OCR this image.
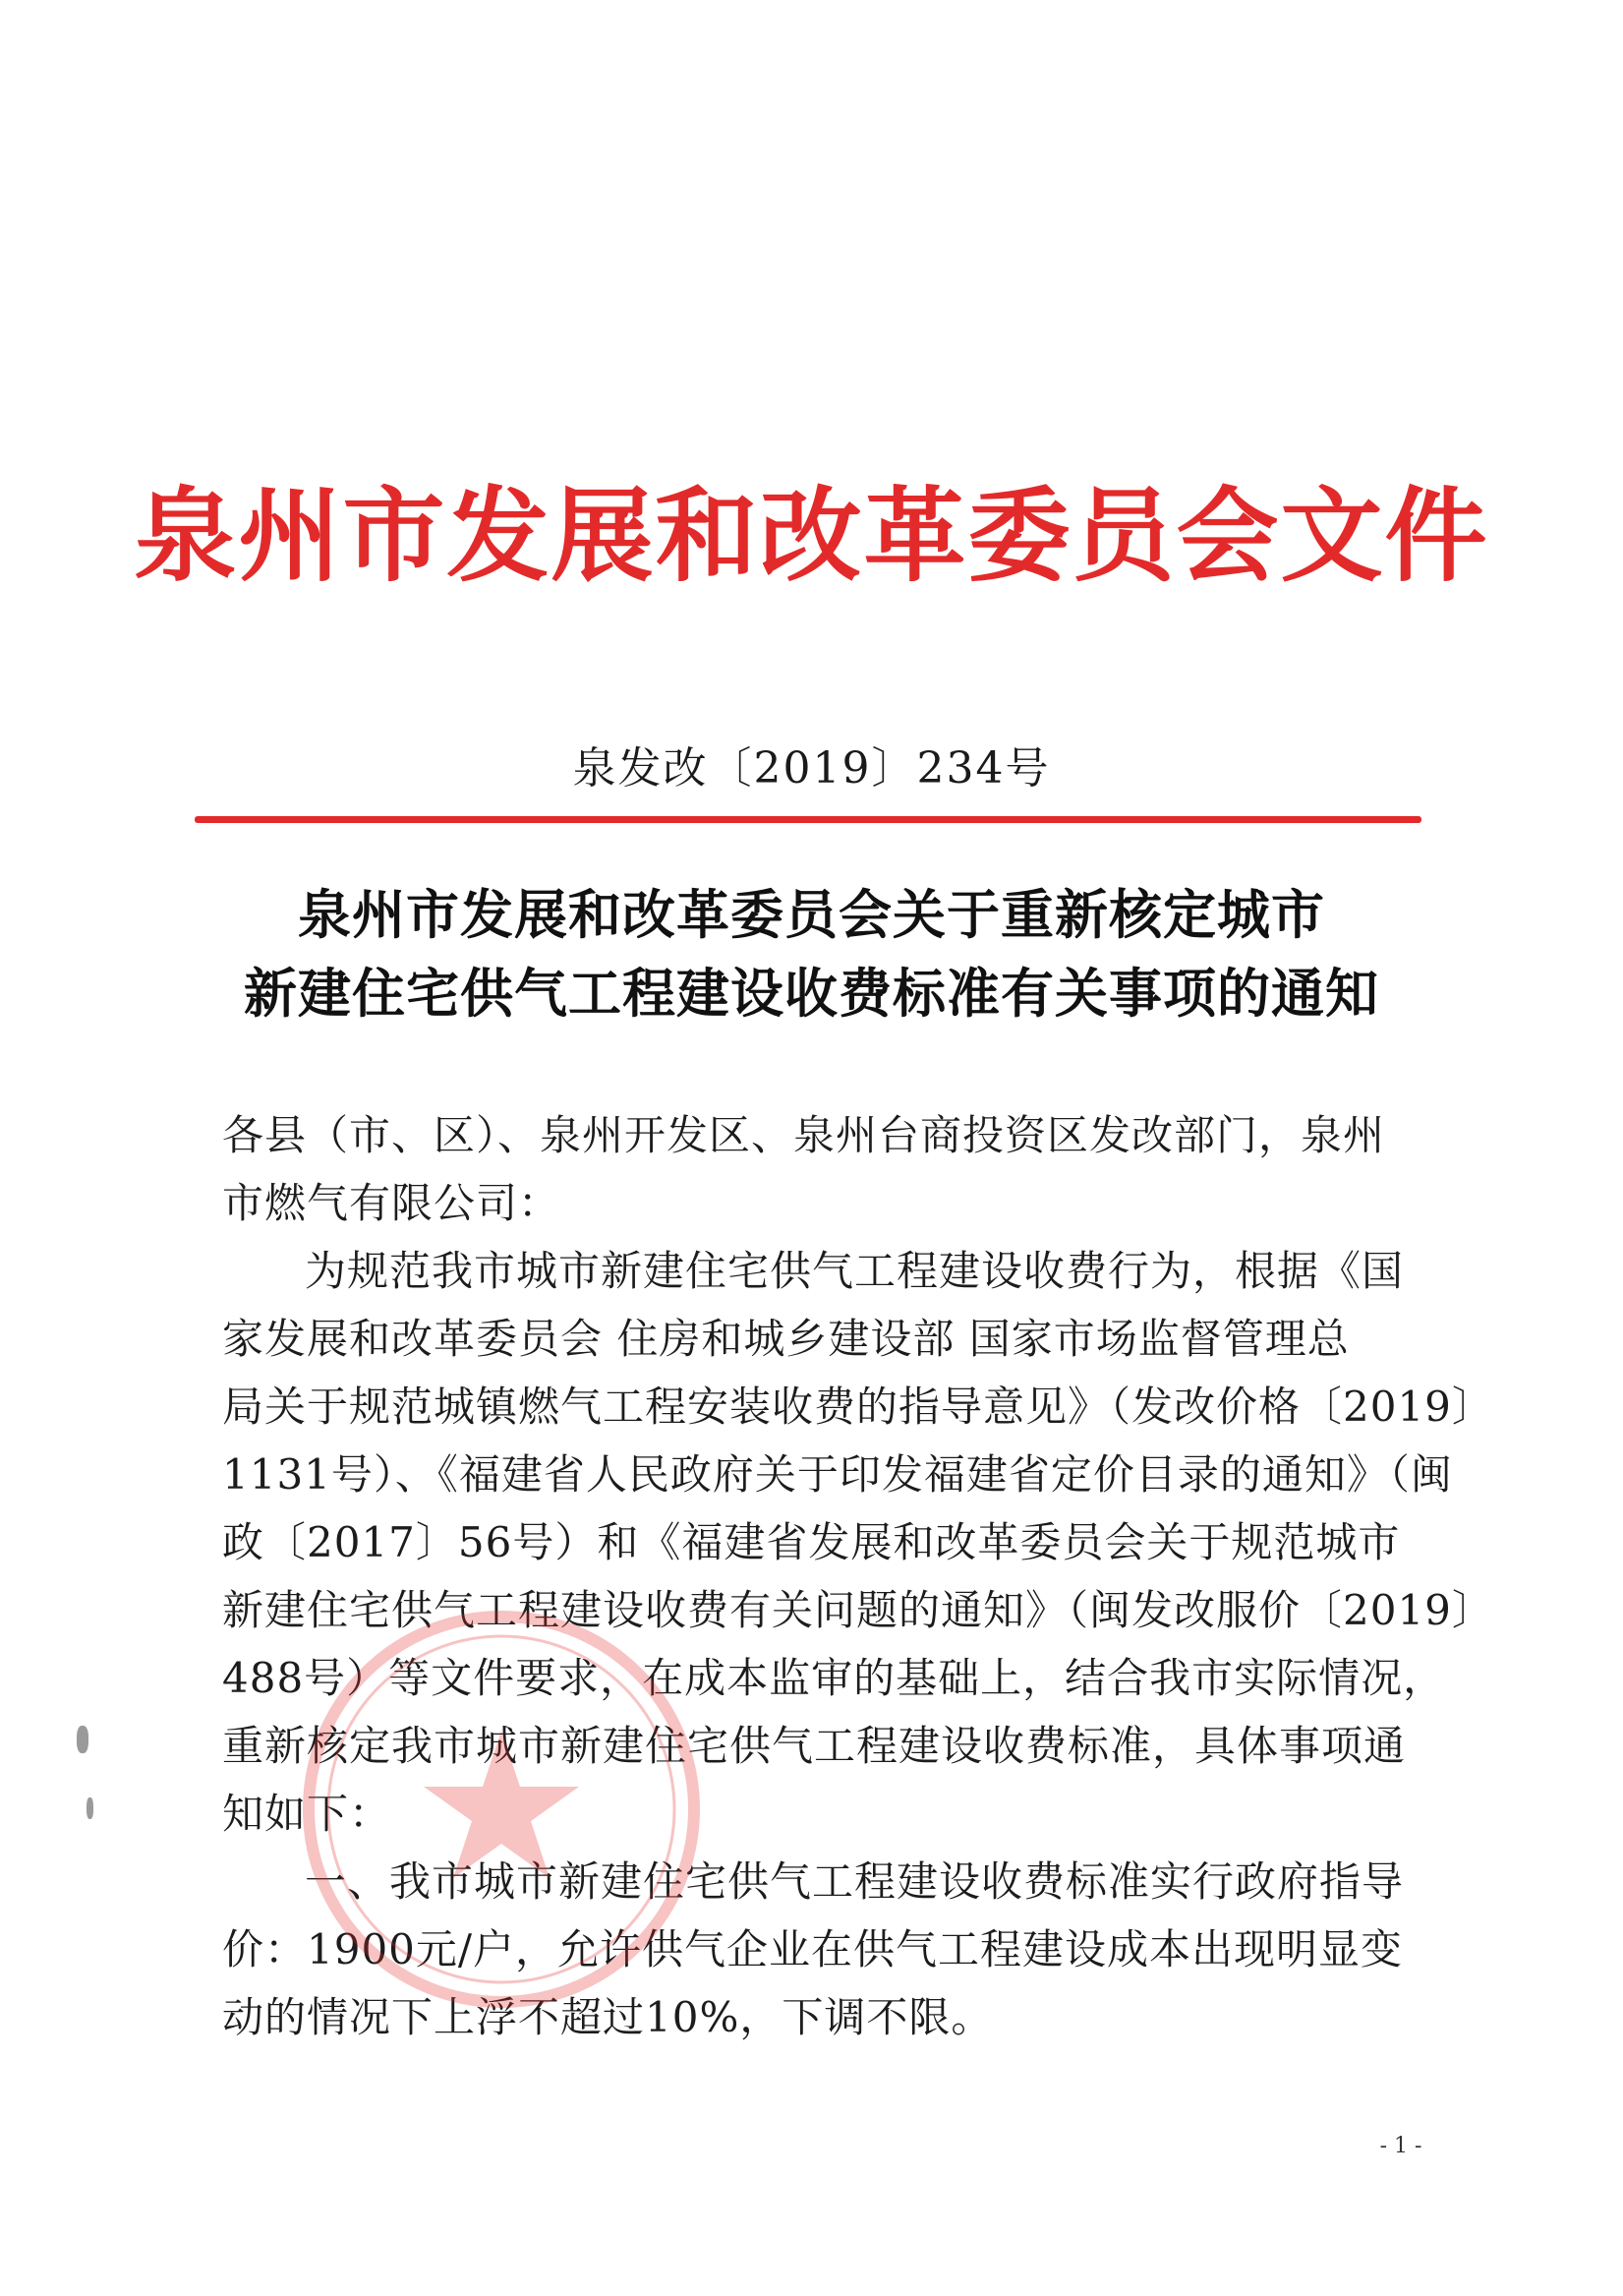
泉州市发展和改革委员会文件
泉发改〔2019〕234号
泉州市发展和改革委员会关于重新核定城市
新建住宅供气工程建设收费标准有关事项的通知
各县（市、区）、泉州开发区、泉州台商投资区发改部门，泉州
市燃气有限公司：
为规范我市城市新建住宅供气工程建设收费行为，根据《国
家发展和改革委员会 住房和城乡建设部 国家市场监督管理总
局关于规范城镇燃气工程安装收费的指导意见》（发改价格〔2019〕
1131号）、《福建省人民政府关于印发福建省定价目录的通知》（闽
政〔2017〕56号）和《福建省发展和改革委员会关于规范城市
新建住宅供气工程建设收费有关问题的通知》（闽发改服价〔2019〕
488号）等文件要求，在成本监审的基础上，结合我市实际情况，
重新核定我市城市新建住宅供气工程建设收费标准，具体事项通
知如下：
一、我市城市新建住宅供气工程建设收费标准实行政府指导
价：1900元/户，允许供气企业在供气工程建设成本出现明显变
动的情况下上浮不超过10%，下调不限。
- 1 -
